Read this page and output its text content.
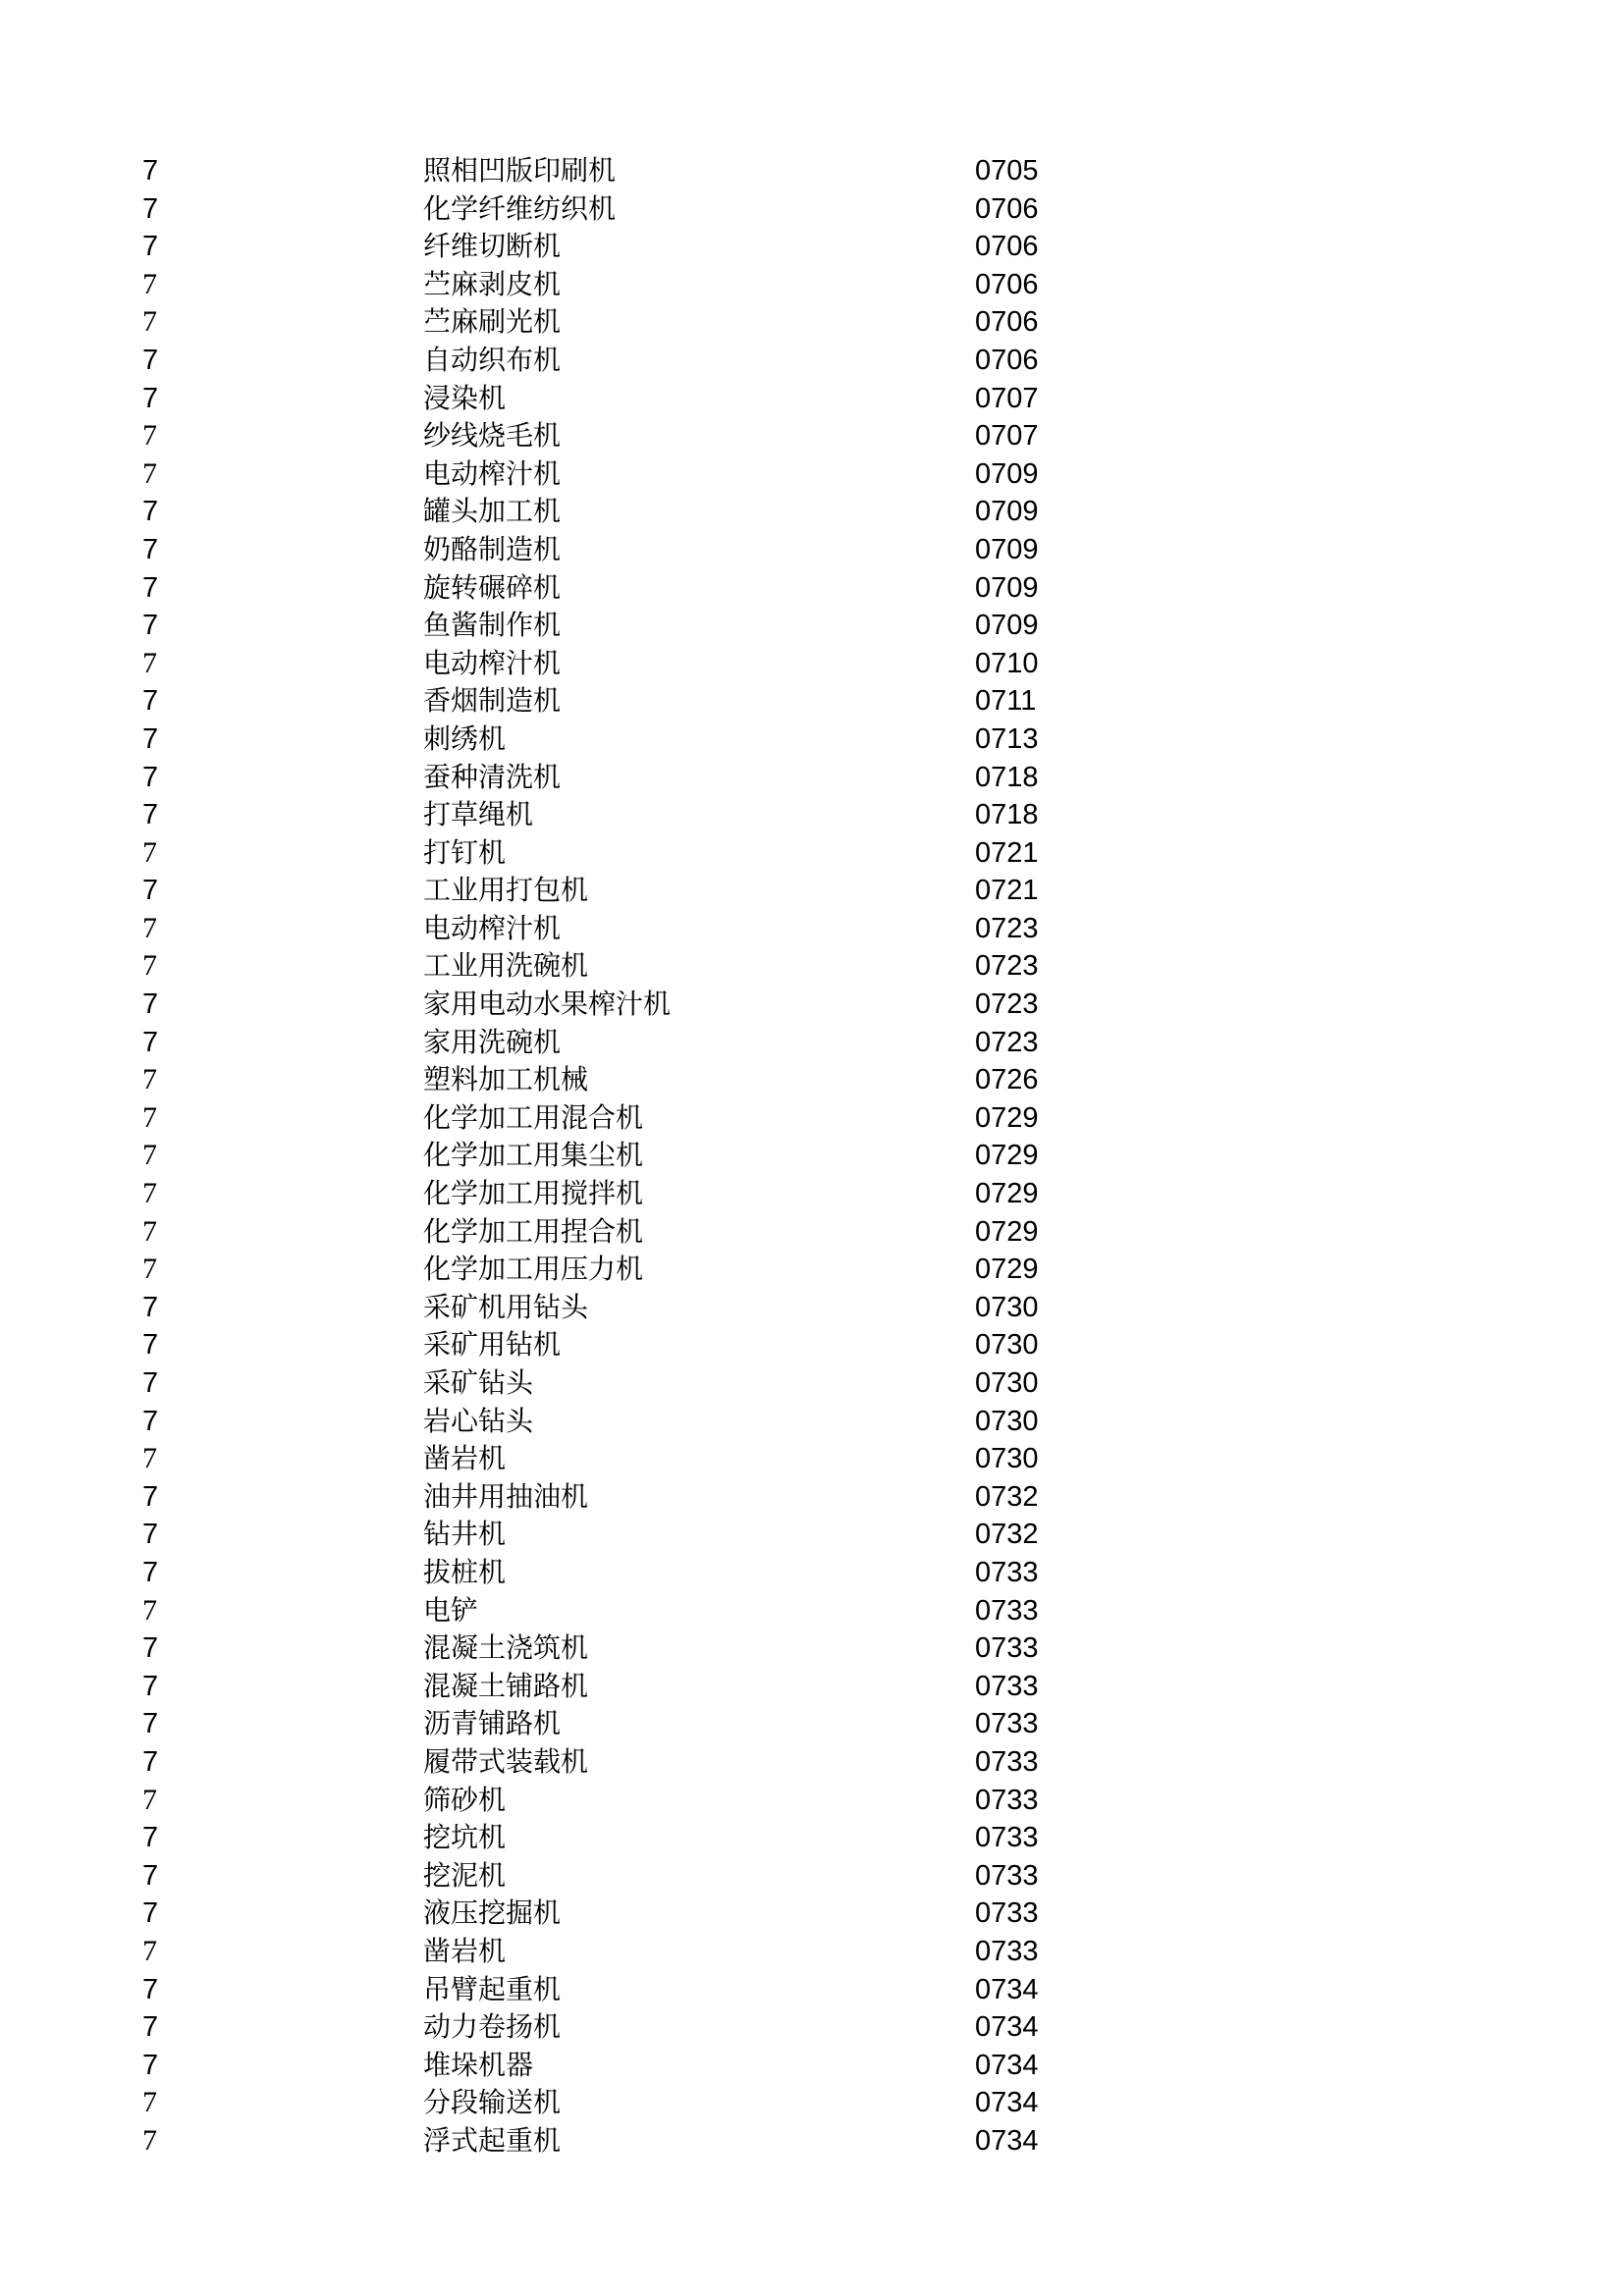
7	照相凹版印刷机	0705
7	化学纤维纺织机	0706
7	纤维切断机	0706
7	苎麻剥皮机	0706
7	苎麻刷光机	0706
7	自动织布机	0706
7	浸染机	0707
7	纱线烧毛机	0707
7	电动榨汁机	0709
7	罐头加工机	0709
7	奶酪制造机	0709
7	旋转碾碎机	0709
7	鱼酱制作机	0709
7	电动榨汁机	0710
7	香烟制造机	0711
7	刺绣机	0713
7	蚕种清洗机	0718
7	打草绳机	0718
7	打钉机	0721
7	工业用打包机	0721
7	电动榨汁机	0723
7	工业用洗碗机	0723
7	家用电动水果榨汁机	0723
7	家用洗碗机	0723
7	塑料加工机械	0726
7	化学加工用混合机	0729
7	化学加工用集尘机	0729
7	化学加工用搅拌机	0729
7	化学加工用捏合机	0729
7	化学加工用压力机	0729
7	采矿机用钻头	0730
7	采矿用钻机	0730
7	采矿钻头	0730
7	岩心钻头	0730
7	凿岩机	0730
7	油井用抽油机	0732
7	钻井机	0732
7	拔桩机	0733
7	电铲	0733
7	混凝土浇筑机	0733
7	混凝土铺路机	0733
7	沥青铺路机	0733
7	履带式装载机	0733
7	筛砂机	0733
7	挖坑机	0733
7	挖泥机	0733
7	液压挖掘机	0733
7	凿岩机	0733
7	吊臂起重机	0734
7	动力卷扬机	0734
7	堆垛机器	0734
7	分段输送机	0734
7	浮式起重机	0734
